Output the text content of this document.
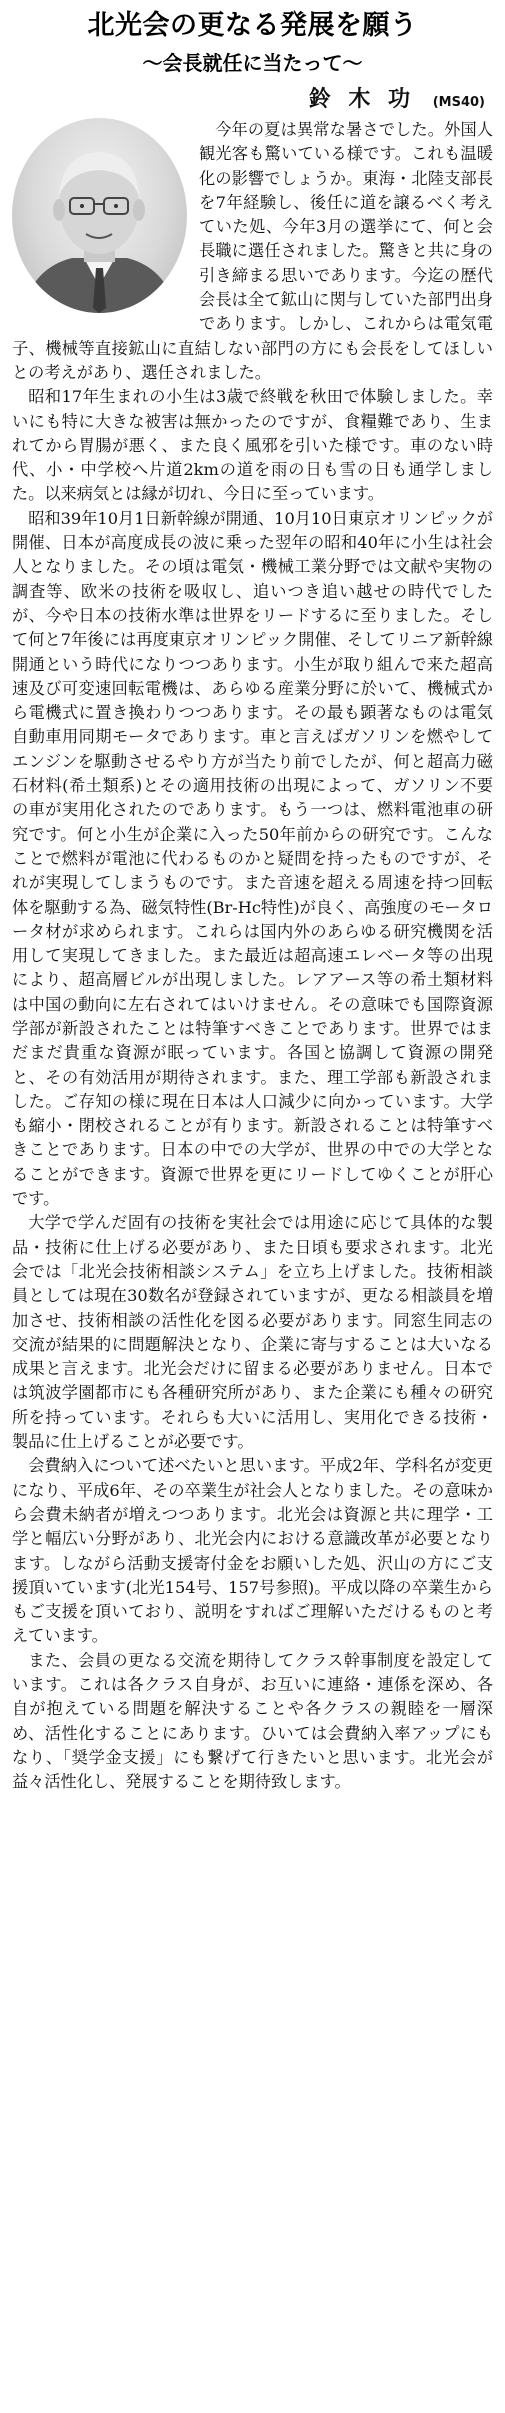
北光会の更なる発展を願う
〜会長就任に当たって〜
鈴木功 (MS40)

今年の夏は異常な暑さでした。外国人観光客も驚いている様です。これも温暖化の影響でしょうか。東海・北陸支部長を7年経験し、後任に道を譲るべく考えていた処、今年3月の選挙にて、何と会長職に選任されました。驚きと共に身の引き締まる思いであります。今迄の歴代会長は全て鉱山に関与していた部門出身であります。しかし、これからは電気電子、機械等直接鉱山に直結しない部門の方にも会長をしてほしいとの考えがあり、選任されました。

昭和17年生まれの小生は3歳で終戦を秋田で体験しました。幸いにも特に大きな被害は無かったのですが、食糧難であり、生まれてから胃腸が悪く、また良く風邪を引いた様です。車のない時代、小・中学校へ片道2kmの道を雨の日も雪の日も通学しました。以来病気とは縁が切れ、今日に至っています。

昭和39年10月1日新幹線が開通、10月10日東京オリンピックが開催、日本が高度成長の波に乗った翌年の昭和40年に小生は社会人となりました。その頃は電気・機械工業分野では文献や実物の調査等、欧米の技術を吸収し、追いつき追い越せの時代でしたが、今や日本の技術水準は世界をリードするに至りました。そして何と7年後には再度東京オリンピック開催、そしてリニア新幹線開通という時代になりつつあります。小生が取り組んで来た超高速及び可変速回転電機は、あらゆる産業分野に於いて、機械式から電機式に置き換わりつつあります。その最も顕著なものは電気自動車用同期モータであります。車と言えばガソリンを燃やしてエンジンを駆動させるやり方が当たり前でしたが、何と超高力磁石材料(希土類系)とその適用技術の出現によって、ガソリン不要の車が実用化されたのであります。もう一つは、燃料電池車の研究です。何と小生が企業に入った50年前からの研究です。こんなことで燃料が電池に代わるものかと疑問を持ったものですが、それが実現してしまうものです。また音速を超える周速を持つ回転体を駆動する為、磁気特性(Br-Hc特性)が良く、高強度のモータロータ材が求められます。これらは国内外のあらゆる研究機関を活用して実現してきました。また最近は超高速エレベータ等の出現により、超高層ビルが出現しました。レアアース等の希土類材料は中国の動向に左右されてはいけません。その意味でも国際資源学部が新設されたことは特筆すべきことであります。世界ではまだまだ貴重な資源が眠っています。各国と協調して資源の開発と、その有効活用が期待されます。また、理工学部も新設されました。ご存知の様に現在日本は人口減少に向かっています。大学も縮小・閉校されることが有ります。新設されることは特筆すべきことであります。日本の中での大学が、世界の中での大学となることができます。資源で世界を更にリードしてゆくことが肝心です。

大学で学んだ固有の技術を実社会では用途に応じて具体的な製品・技術に仕上げる必要があり、また日頃も要求されます。北光会では「北光会技術相談システム」を立ち上げました。技術相談員としては現在30数名が登録されていますが、更なる相談員を増加させ、技術相談の活性化を図る必要があります。同窓生同志の交流が結果的に問題解決となり、企業に寄与することは大いなる成果と言えます。北光会だけに留まる必要がありません。日本では筑波学園都市にも各種研究所があり、また企業にも種々の研究所を持っています。それらも大いに活用し、実用化できる技術・製品に仕上げることが必要です。

会費納入について述べたいと思います。平成2年、学科名が変更になり、平成6年、その卒業生が社会人となりました。その意味から会費未納者が増えつつあります。北光会は資源と共に理学・工学と幅広い分野があり、北光会内における意識改革が必要となります。しながら活動支援寄付金をお願いした処、沢山の方にご支援頂いています(北光154号、157号参照)。平成以降の卒業生からもご支援を頂いており、説明をすればご理解いただけるものと考えています。

また、会員の更なる交流を期待してクラス幹事制度を設定しています。これは各クラス自身が、お互いに連絡・連係を深め、各自が抱えている問題を解決することや各クラスの親睦を一層深め、活性化することにあります。ひいては会費納入率アップにもなり、「奨学金支援」にも繋げて行きたいと思います。北光会が益々活性化し、発展することを期待致します。
